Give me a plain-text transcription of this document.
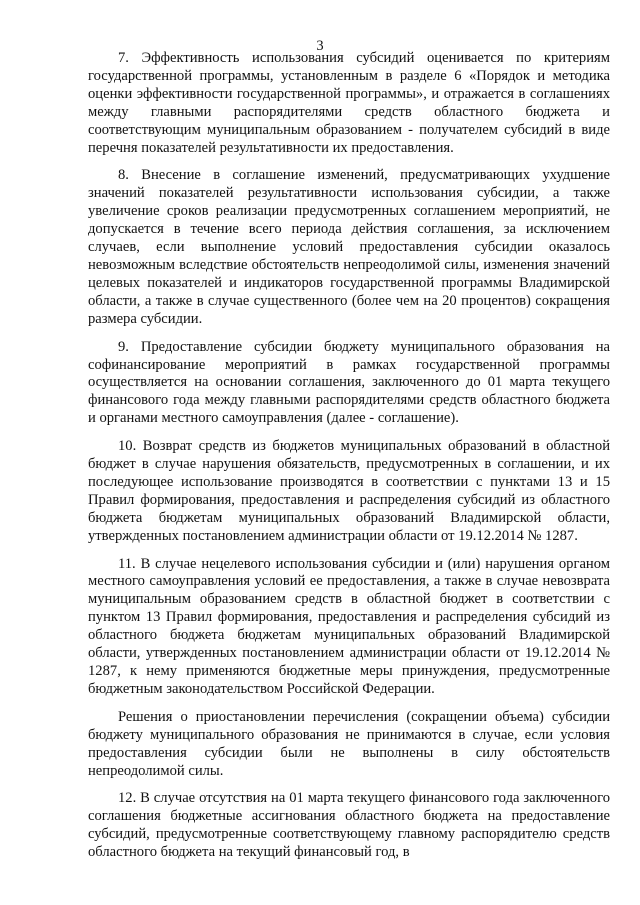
3

7. Эффективность использования субсидий оценивается по критериям государственной программы, установленным в разделе 6 «Порядок и методика оценки эффективности государственной программы», и отражается в соглашениях между главными распорядителями средств областного бюджета и соответствующим муниципальным образованием - получателем субсидий в виде перечня показателей результативности их предоставления.

8. Внесение в соглашение изменений, предусматривающих ухудшение значений показателей результативности использования субсидии, а также увеличение сроков реализации предусмотренных соглашением мероприятий, не допускается в течение всего периода действия соглашения, за исключением случаев, если выполнение условий предоставления субсидии оказалось невозможным вследствие обстоятельств непреодолимой силы, изменения значений целевых показателей и индикаторов государственной программы Владимирской области, а также в случае существенного (более чем на 20 процентов) сокращения размера субсидии.

9. Предоставление субсидии бюджету муниципального образования на софинансирование мероприятий в рамках государственной программы осуществляется на основании соглашения, заключенного до 01 марта текущего финансового года между главными распорядителями средств областного бюджета и органами местного самоуправления (далее - соглашение).

10. Возврат средств из бюджетов муниципальных образований в областной бюджет в случае нарушения обязательств, предусмотренных в соглашении, и их последующее использование производятся в соответствии с пунктами 13 и 15 Правил формирования, предоставления и распределения субсидий из областного бюджета бюджетам муниципальных образований Владимирской области, утвержденных постановлением администрации области от 19.12.2014 № 1287.

11. В случае нецелевого использования субсидии и (или) нарушения органом местного самоуправления условий ее предоставления, а также в случае невозврата муниципальным образованием средств в областной бюджет в соответствии с пунктом 13 Правил формирования, предоставления и распределения субсидий из областного бюджета бюджетам муниципальных образований Владимирской области, утвержденных постановлением администрации области от 19.12.2014 № 1287, к нему применяются бюджетные меры принуждения, предусмотренные бюджетным законодательством Российской Федерации.

Решения о приостановлении перечисления (сокращении объема) субсидии бюджету муниципального образования не принимаются в случае, если условия предоставления субсидии были не выполнены в силу обстоятельств непреодолимой силы.

12. В случае отсутствия на 01 марта текущего финансового года заключенного соглашения бюджетные ассигнования областного бюджета на предоставление субсидий, предусмотренные соответствующему главному распорядителю средств областного бюджета на текущий финансовый год, в
